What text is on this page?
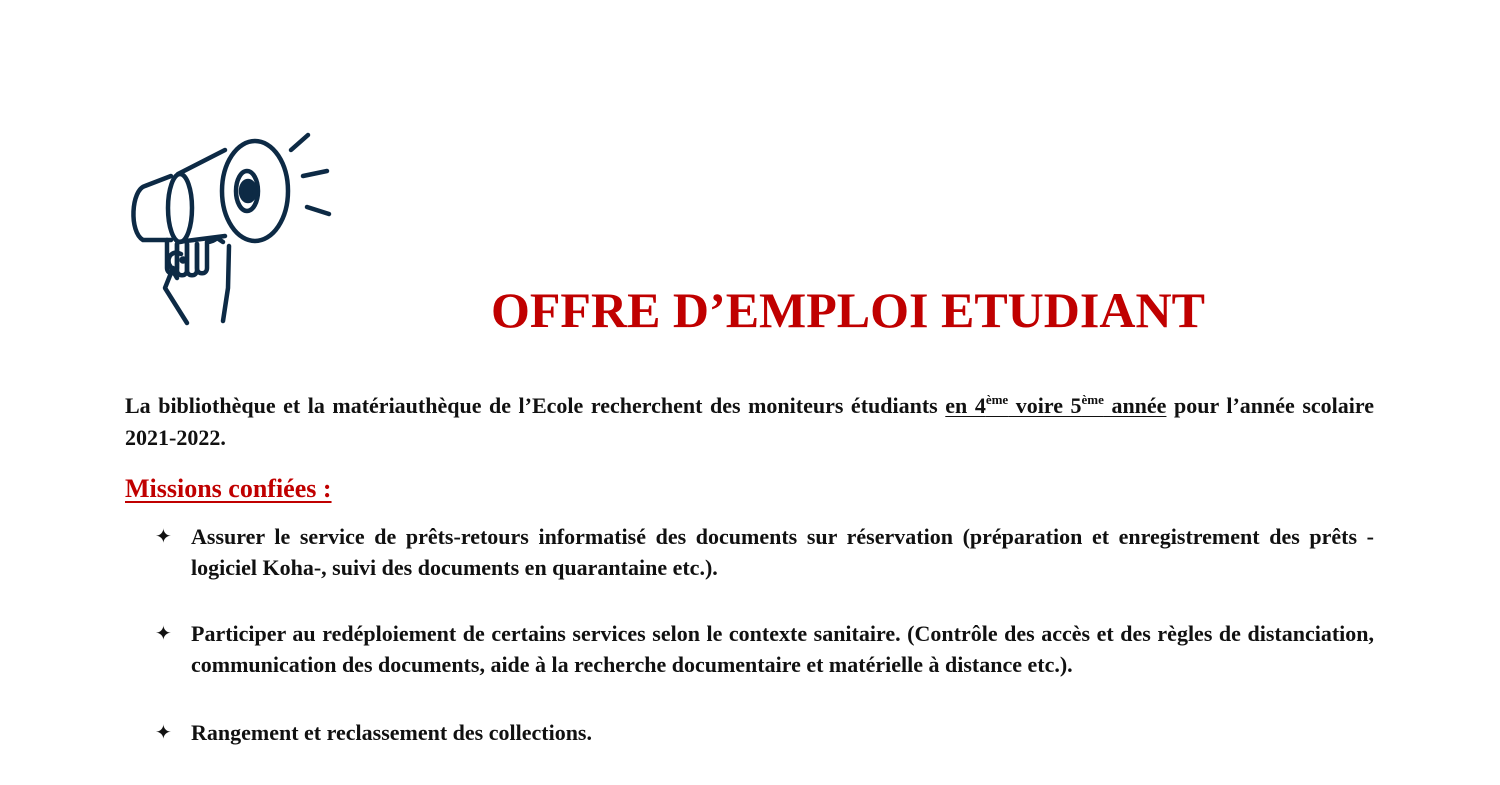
OFFRE D’EMPLOI ETUDIANT

La bibliothèque et la matériauthèque de l’Ecole recherchent des moniteurs étudiants en 4ème voire 5ème année pour l’année scolaire 2021-2022.

Missions confiées :
✦ Assurer le service de prêts-retours informatisé des documents sur réservation (préparation et enregistrement des prêts -logiciel Koha-, suivi des documents en quarantaine etc.).
✦ Participer au redéploiement de certains services selon le contexte sanitaire. (Contrôle des accès et des règles de distanciation, communication des documents, aide à la recherche documentaire et matérielle à distance etc.).
✦ Rangement et reclassement des collections.
